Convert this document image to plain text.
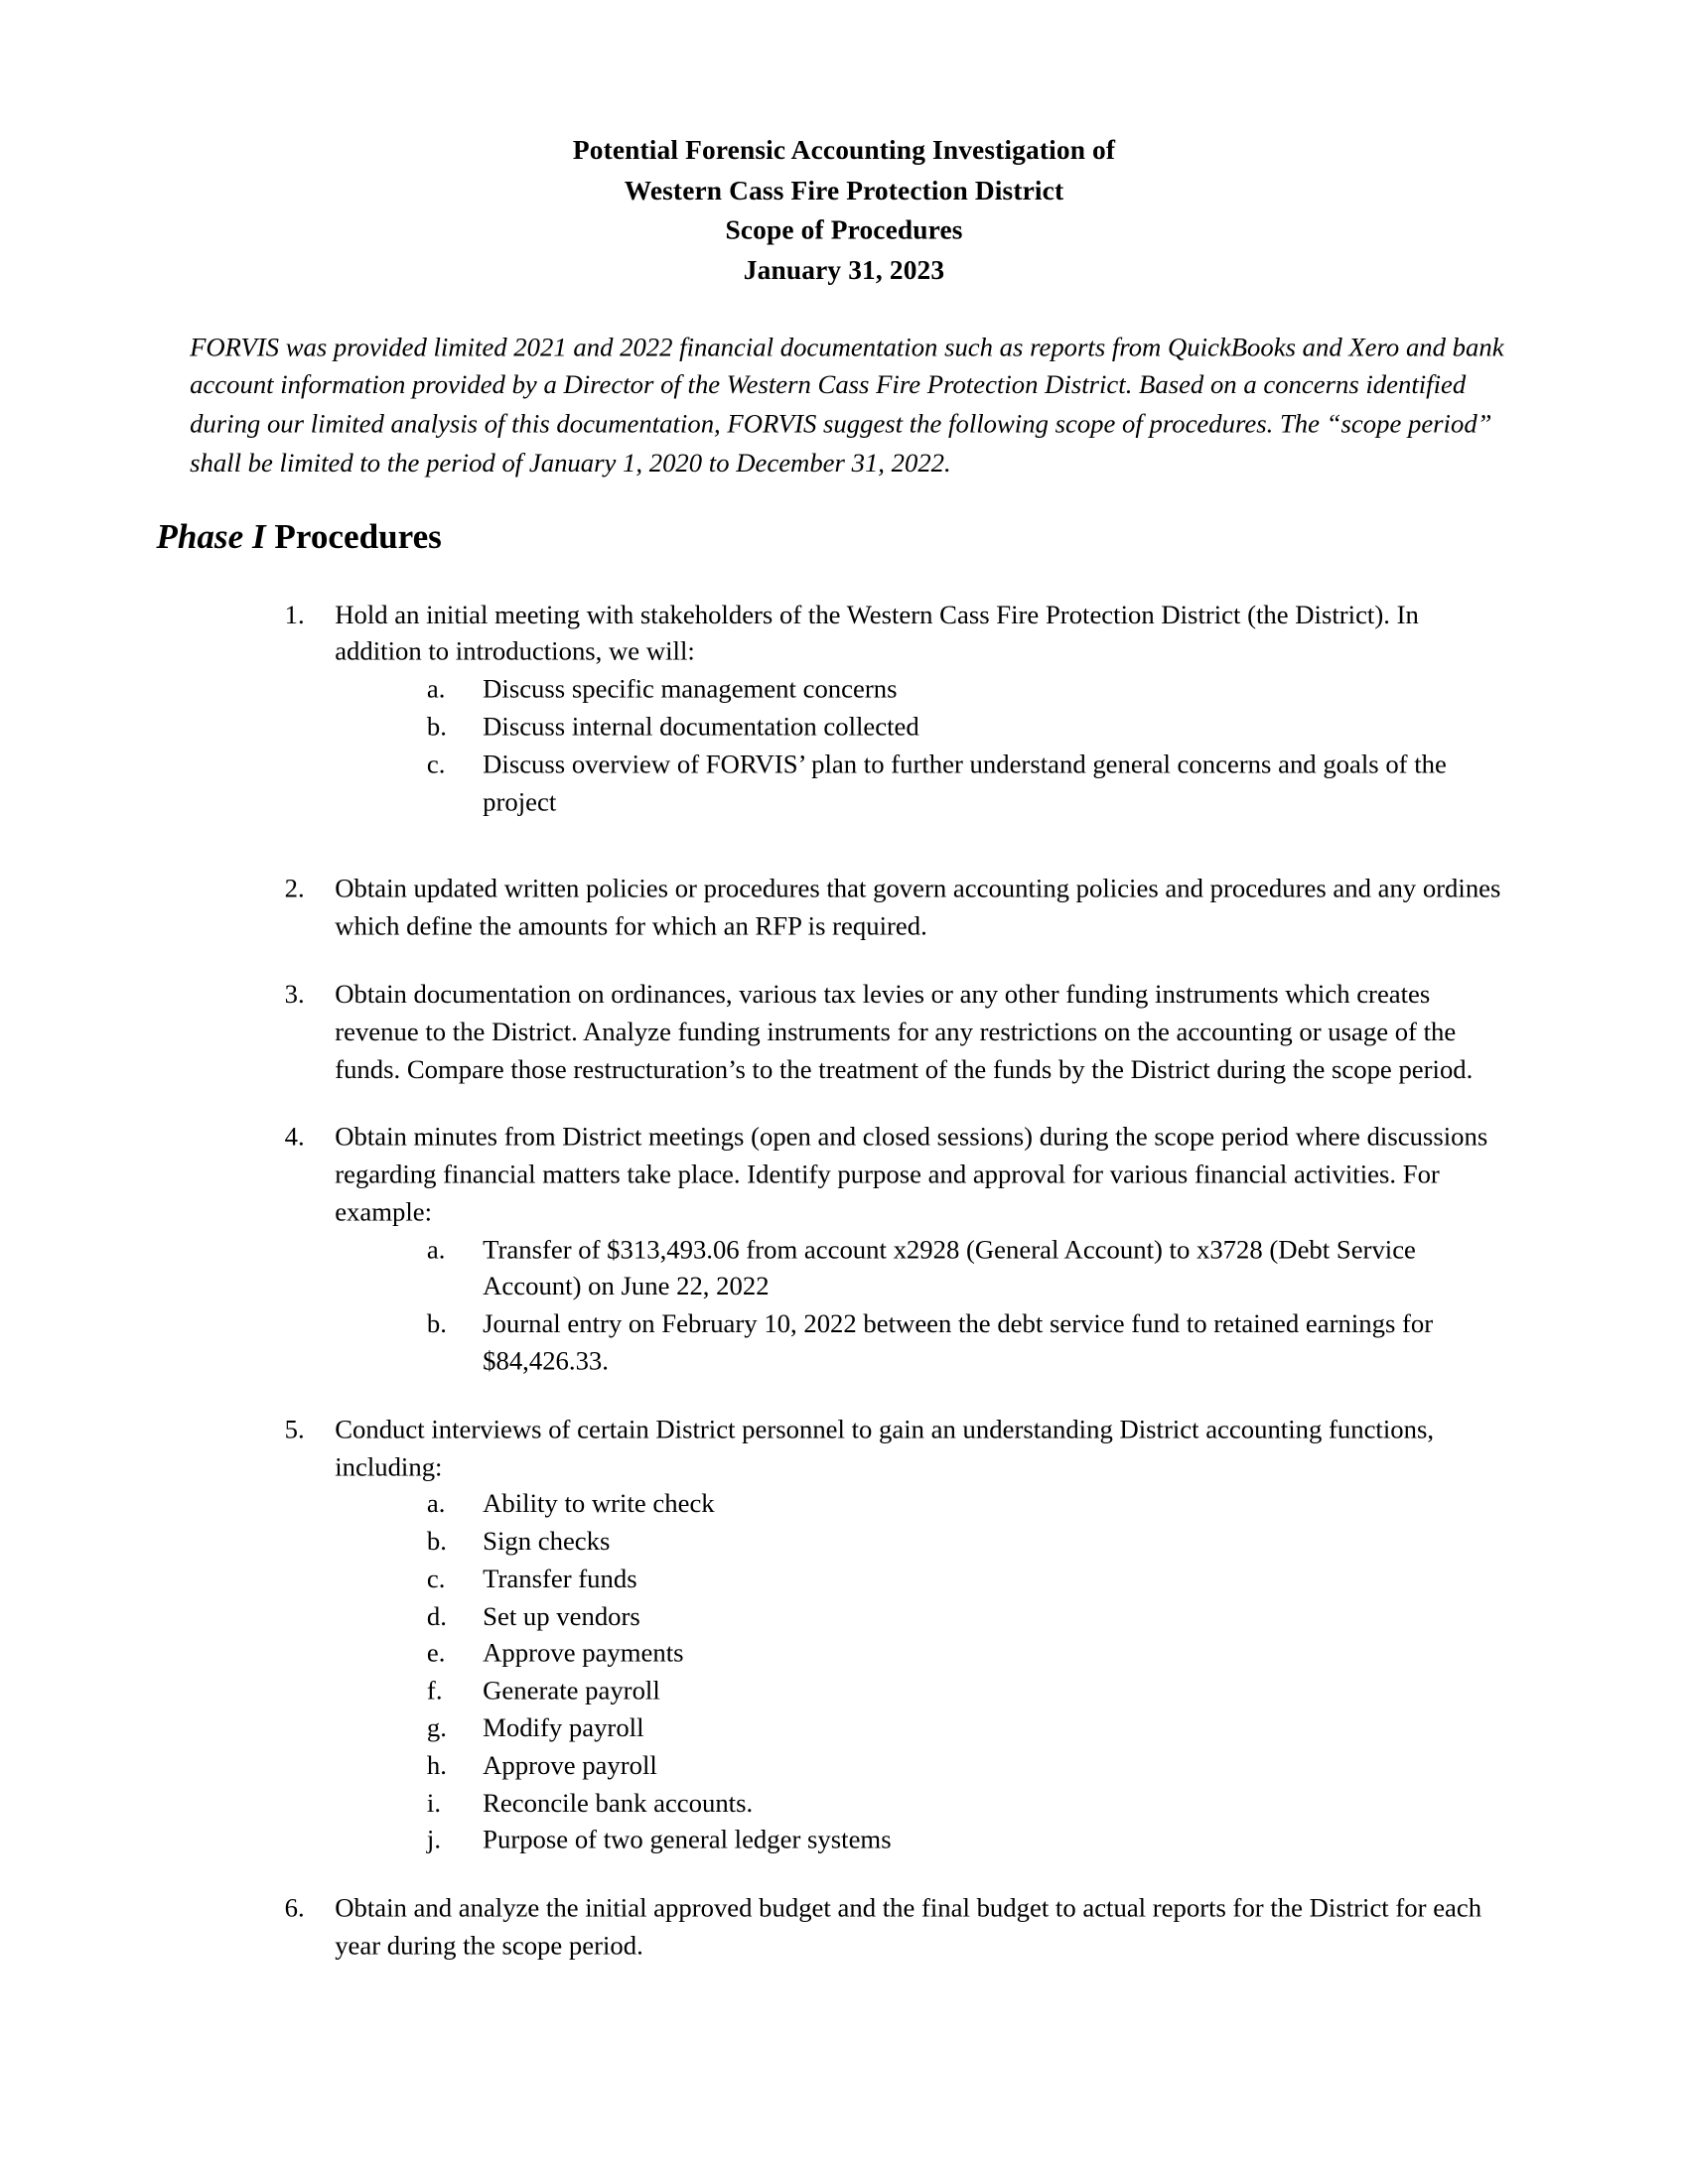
Potential Forensic Accounting Investigation of
Western Cass Fire Protection District
Scope of Procedures
January 31, 2023

FORVIS was provided limited 2021 and 2022 financial documentation such as reports from QuickBooks and Xero and bank account information provided by a Director of the Western Cass Fire Protection District. Based on a concerns identified during our limited analysis of this documentation, FORVIS suggest the following scope of procedures. The “scope period” shall be limited to the period of January 1, 2020 to December 31, 2022.

Phase I Procedures
Hold an initial meeting with stakeholders of the Western Cass Fire Protection District (the District). In addition to introductions, we will:
Discuss specific management concerns
Discuss internal documentation collected
Discuss overview of FORVIS’ plan to further understand general concerns and goals of the project
Obtain updated written policies or procedures that govern accounting policies and procedures and any ordines which define the amounts for which an RFP is required.
Obtain documentation on ordinances, various tax levies or any other funding instruments which creates revenue to the District. Analyze funding instruments for any restrictions on the accounting or usage of the funds. Compare those restructuration’s to the treatment of the funds by the District during the scope period.
Obtain minutes from District meetings (open and closed sessions) during the scope period where discussions regarding financial matters take place. Identify purpose and approval for various financial activities. For example:
Transfer of $313,493.06 from account x2928 (General Account) to x3728 (Debt Service Account) on June 22, 2022
Journal entry on February 10, 2022 between the debt service fund to retained earnings for $84,426.33.
Conduct interviews of certain District personnel to gain an understanding District accounting functions, including:
Ability to write check
Sign checks
Transfer funds
Set up vendors
Approve payments
Generate payroll
Modify payroll
Approve payroll
Reconcile bank accounts.
Purpose of two general ledger systems
Obtain and analyze the initial approved budget and the final budget to actual reports for the District for each year during the scope period.
